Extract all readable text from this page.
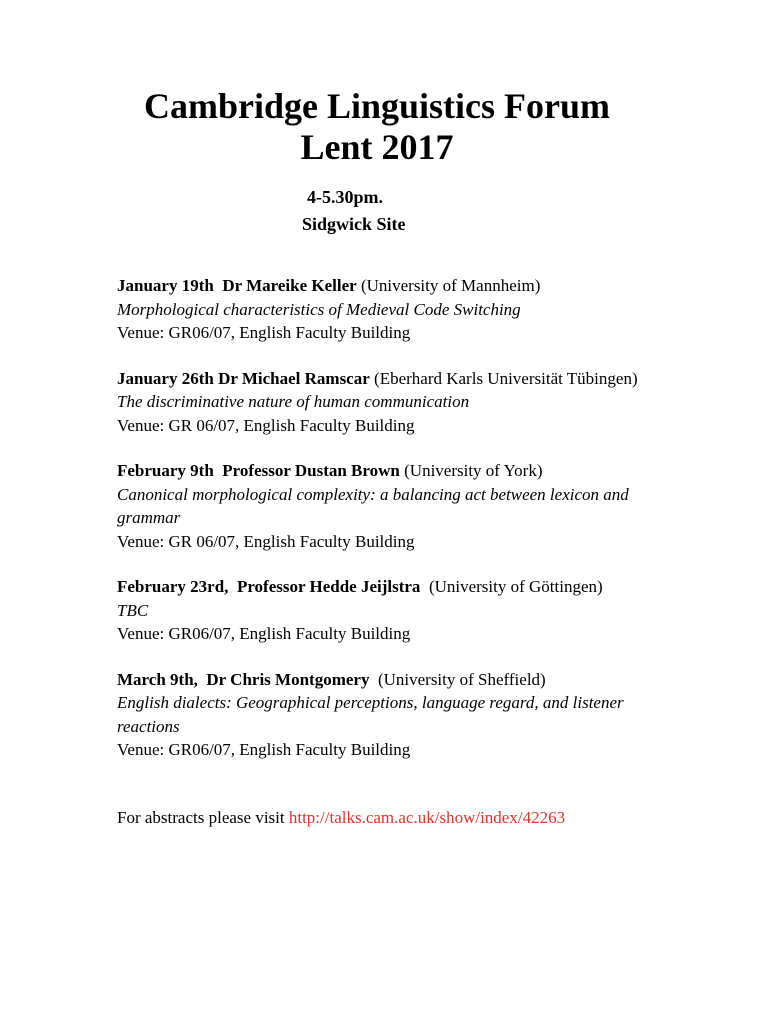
Cambridge Linguistics Forum
Lent 2017
4-5.30pm.
Sidgwick Site
January 19th Dr Mareike Keller (University of Mannheim)
Morphological characteristics of Medieval Code Switching
Venue: GR06/07, English Faculty Building
January 26th Dr Michael Ramscar (Eberhard Karls Universität Tübingen)
The discriminative nature of human communication
Venue: GR 06/07, English Faculty Building
February 9th Professor Dustan Brown (University of York)
Canonical morphological complexity: a balancing act between lexicon and grammar
Venue: GR 06/07, English Faculty Building
February 23rd, Professor Hedde Jeijlstra (University of Göttingen)
TBC
Venue: GR06/07, English Faculty Building
March 9th, Dr Chris Montgomery (University of Sheffield)
English dialects: Geographical perceptions, language regard, and listener reactions
Venue: GR06/07, English Faculty Building
For abstracts please visit http://talks.cam.ac.uk/show/index/42263
